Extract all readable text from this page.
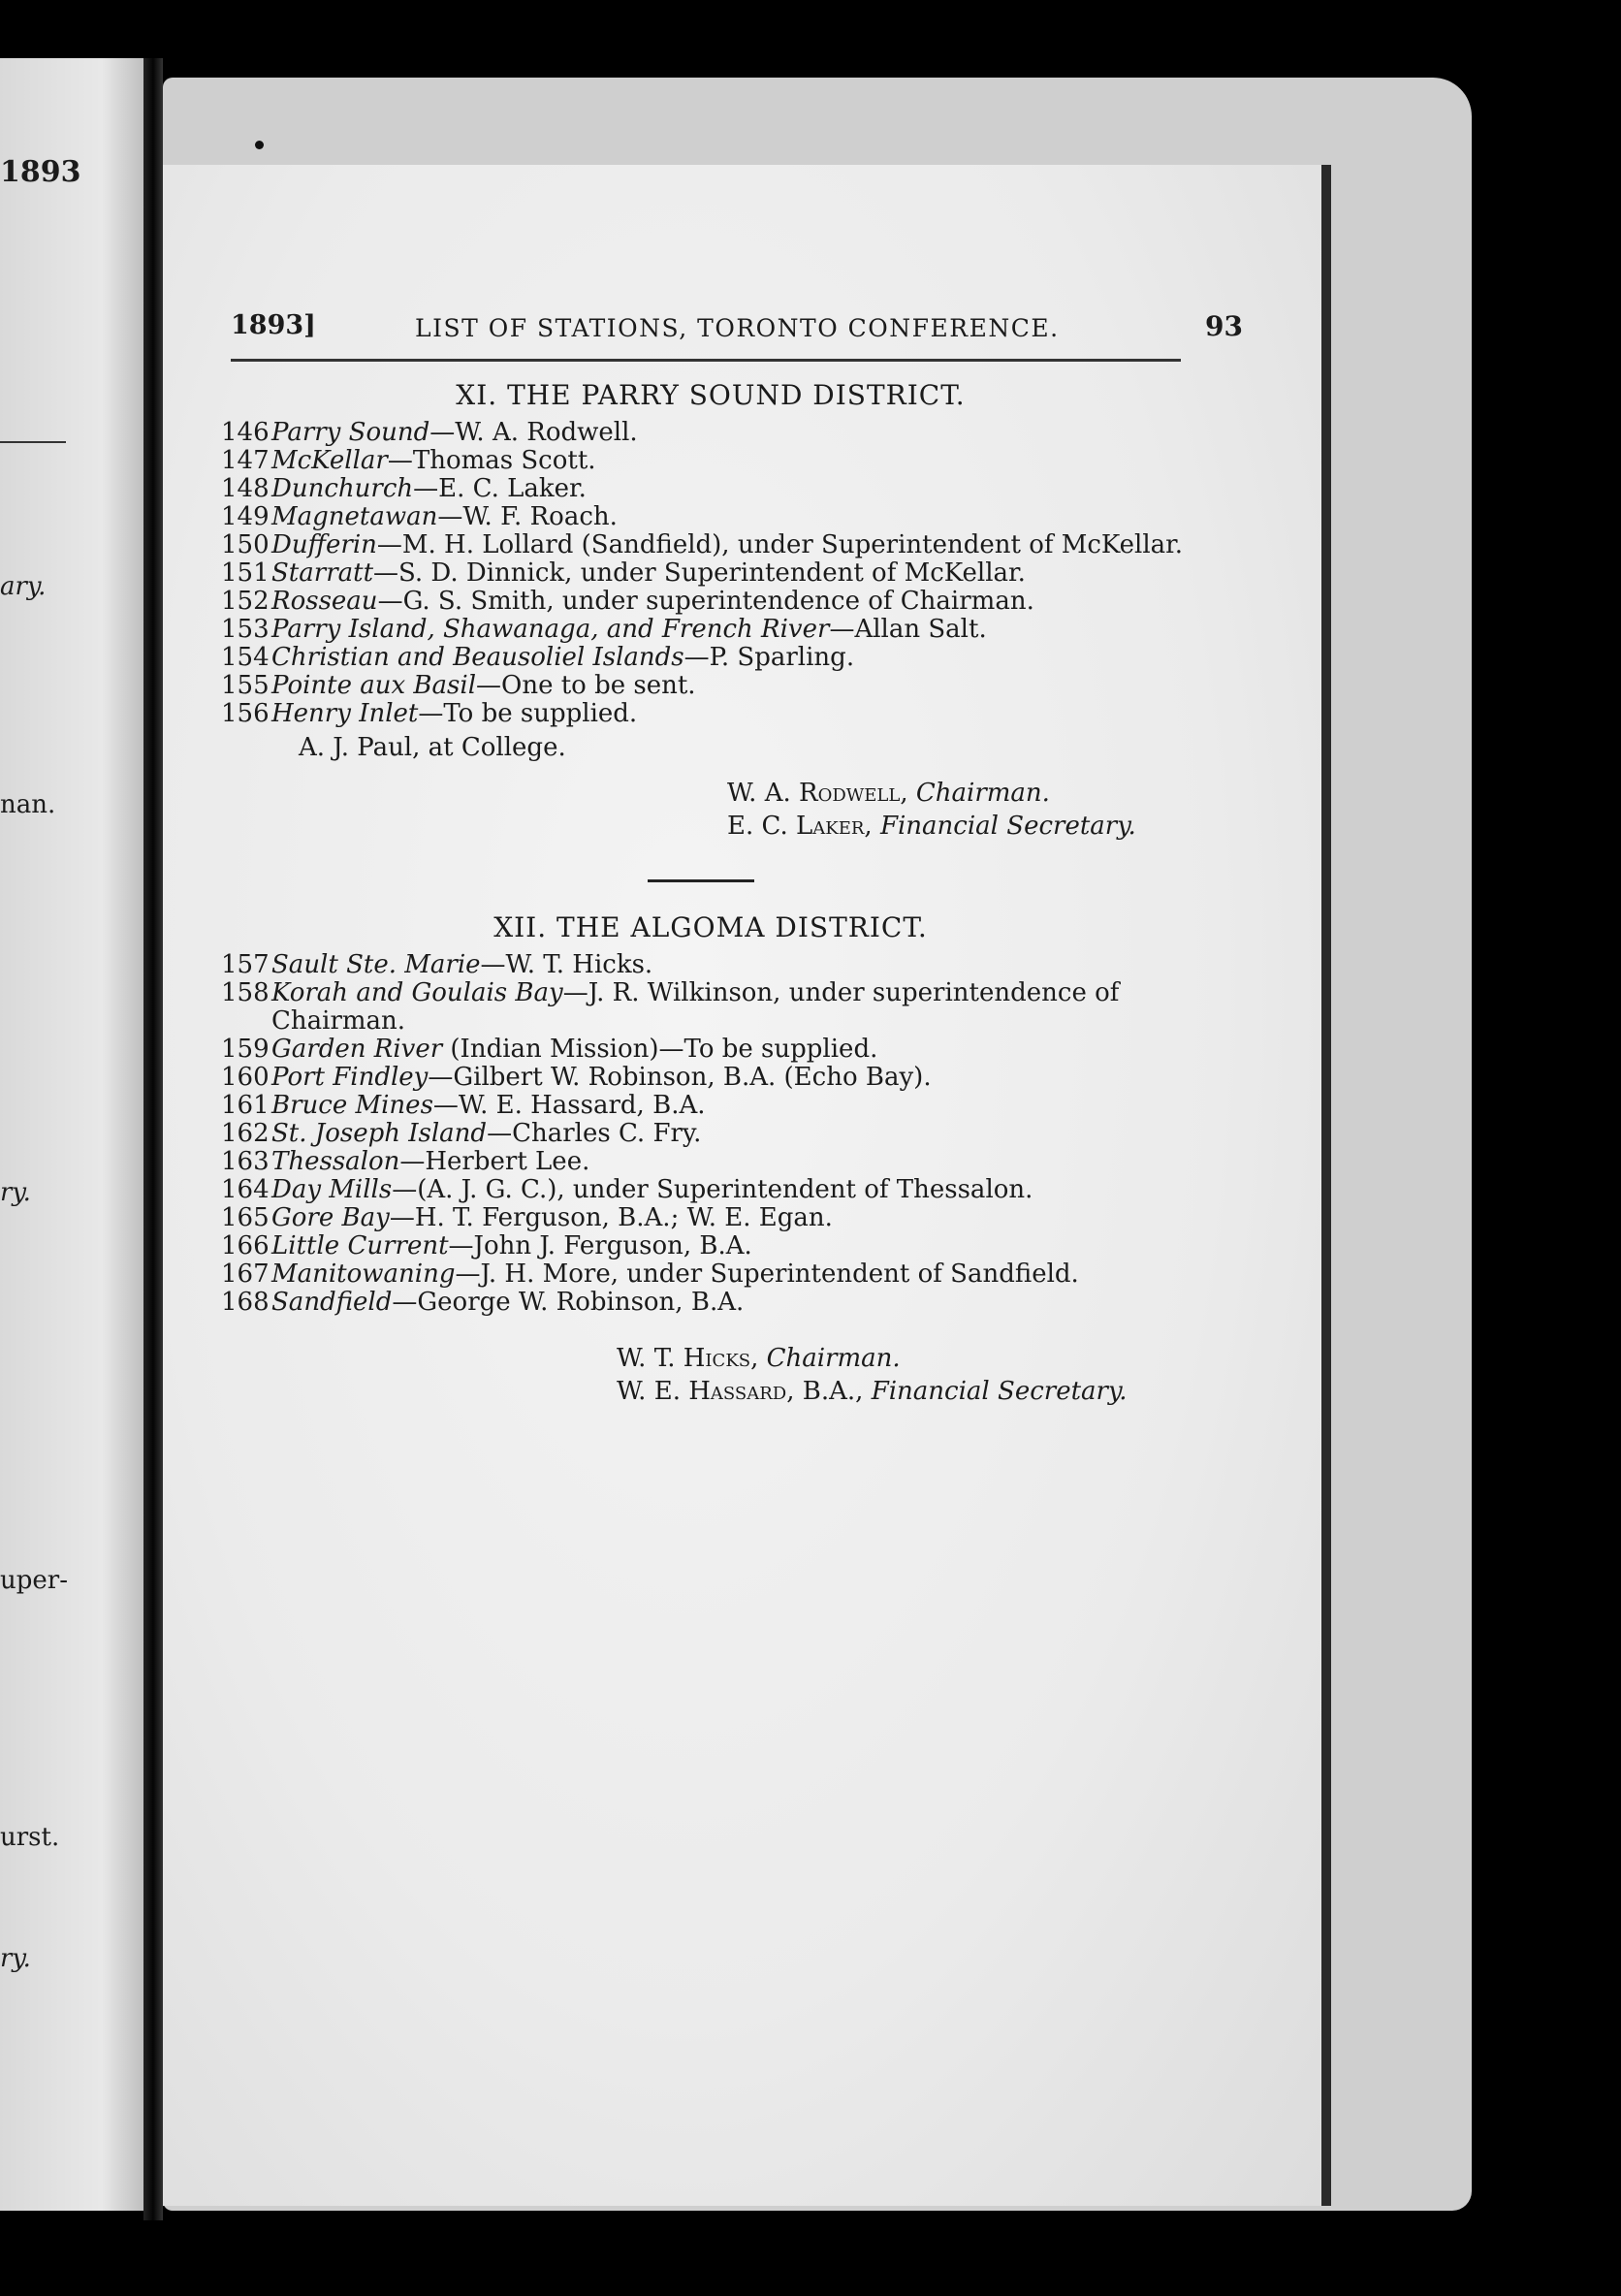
1893
ary.
nan.
ry.
uper-
urst.
ry.
1893]	LIST OF STATIONS, TORONTO CONFERENCE.	93
XI. THE PARRY SOUND DISTRICT.
146 Parry Sound—W. A. Rodwell.
147 McKellar—Thomas Scott.
148 Dunchurch—E. C. Laker.
149 Magnetawan—W. F. Roach.
150 Dufferin—M. H. Lollard (Sandfield), under Superintendent of McKellar.
151 Starratt—S. D. Dinnick, under Superintendent of McKellar.
152 Rosseau—G. S. Smith, under superintendence of Chairman.
153 Parry Island, Shawanaga, and French River—Allan Salt.
154 Christian and Beausoliel Islands—P. Sparling.
155 Pointe aux Basil—One to be sent.
156 Henry Inlet—To be supplied.
A. J. Paul, at College.
W. A. Rodwell, Chairman.
E. C. Laker, Financial Secretary.
XII. THE ALGOMA DISTRICT.
157 Sault Ste. Marie—W. T. Hicks.
158 Korah and Goulais Bay—J. R. Wilkinson, under superintendence of
Chairman.
159 Garden River (Indian Mission)—To be supplied.
160 Port Findley—Gilbert W. Robinson, B.A. (Echo Bay).
161 Bruce Mines—W. E. Hassard, B.A.
162 St. Joseph Island—Charles C. Fry.
163 Thessalon—Herbert Lee.
164 Day Mills—(A. J. G. C.), under Superintendent of Thessalon.
165 Gore Bay—H. T. Ferguson, B.A.; W. E. Egan.
166 Little Current—John J. Ferguson, B.A.
167 Manitowaning—J. H. More, under Superintendent of Sandfield.
168 Sandfield—George W. Robinson, B.A.
W. T. Hicks, Chairman.
W. E. Hassard, B.A., Financial Secretary.
